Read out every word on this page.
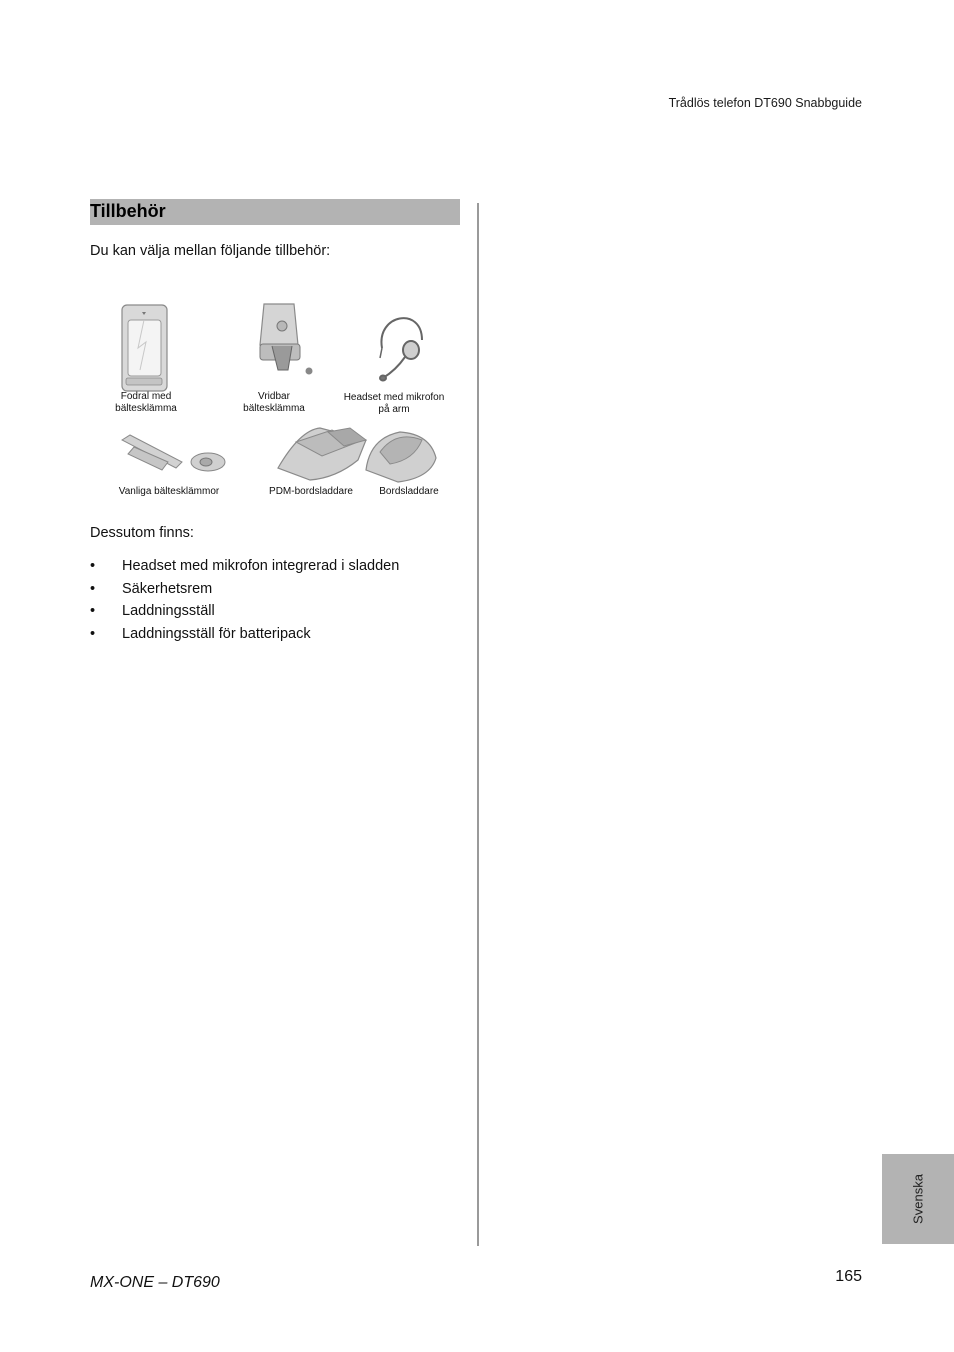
Trådlös telefon DT690 Snabbguide
Tillbehör
Du kan välja mellan följande tillbehör:
Fodral med
bältesklämma
Vridbar
bältesklämma
Headset med mikrofon
på arm
Vanliga bältesklämmor	PDM-bordsladdare	Bordsladdare
Dessutom finns:
•	Headset med mikrofon integrerad i sladden
•	Säkerhetsrem
•	Laddningsställ
•	Laddningsställ för batteripack
Svenska
MX-ONE – DT690	165
